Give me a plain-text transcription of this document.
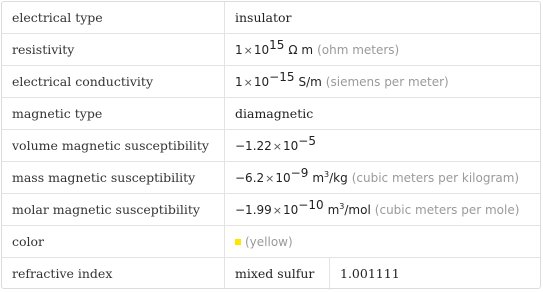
electrical type	insulator
resistivity	$1\times 10^{15}$ Ω m (ohm meters)
electrical conductivity	$1\times 10^{-15}$ S/m (siemens per meter)
magnetic type	diamagnetic
volume magnetic susceptibility $-1.22\times 10^{-5}$
mass magnetic susceptibility	$-6.2\times 10^{-9}$ $m^3/kg$ (cubic meters per kilogram)
molar magnetic susceptibility	$-1.99\times 10^{-10}$ $m^3$/mol (cubic meters per mole)
color	(yellow)
refractive index	mixed sulfur 1.001111
